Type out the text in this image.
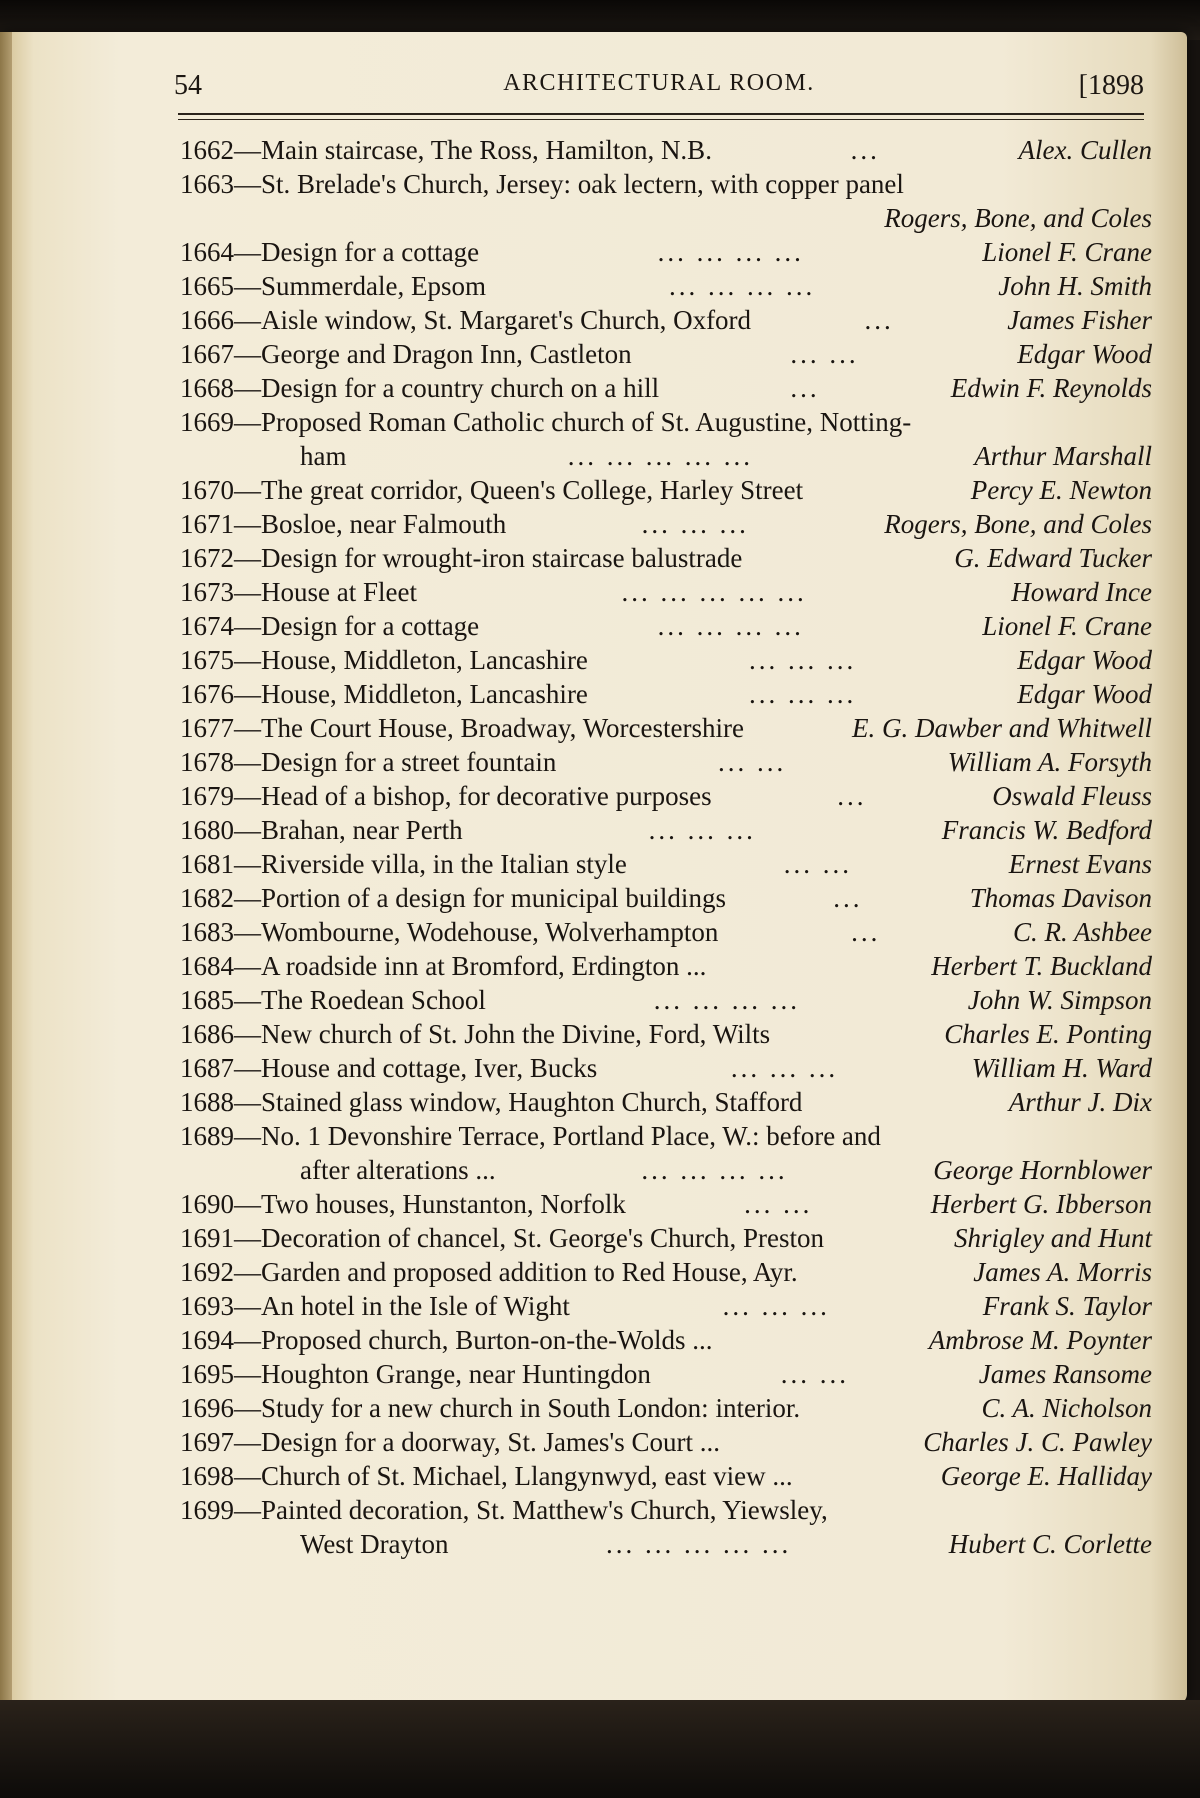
54	ARCHITECTURAL ROOM.	[1898
1662 — Main staircase, The Ross, Hamilton, N.B.	...	Alex. Cullen
1663 — St. Brelade's Church, Jersey: oak lectern, with copper panel
Rogers, Bone, and Coles
1664 — Design for a cottage	... ... ... ...	Lionel F. Crane
1665 — Summerdale, Epsom	... ... ... ...	John H. Smith
1666 — Aisle window, St. Margaret's Church, Oxford	...	James Fisher
1667 — George and Dragon Inn, Castleton	... ...	Edgar Wood
1668 — Design for a country church on a hill	...	Edwin F. Reynolds
1669 — Proposed Roman Catholic church of St. Augustine, Notting-
ham	... ... ... ... ...	Arthur Marshall
1670 — The great corridor, Queen's College, Harley Street	Percy E. Newton
1671 — Bosloe, near Falmouth	... ... ...	Rogers, Bone, and Coles
1672 — Design for wrought-iron staircase balustrade	G. Edward Tucker
1673 — House at Fleet	... ... ... ... ...	Howard Ince
1674 — Design for a cottage	... ... ... ...	Lionel F. Crane
1675 — House, Middleton, Lancashire	... ... ...	Edgar Wood
1676 — House, Middleton, Lancashire	... ... ...	Edgar Wood
1677 — The Court House, Broadway, Worcestershire	E. G. Dawber and Whitwell
1678 — Design for a street fountain	... ...	William A. Forsyth
1679 — Head of a bishop, for decorative purposes	...	Oswald Fleuss
1680 — Brahan, near Perth	... ... ...	Francis W. Bedford
1681 — Riverside villa, in the Italian style	... ...	Ernest Evans
1682 — Portion of a design for municipal buildings	...	Thomas Davison
1683 — Wombourne, Wodehouse, Wolverhampton	...	C. R. Ashbee
1684 — A roadside inn at Bromford, Erdington ...	Herbert T. Buckland
1685 — The Roedean School	... ... ... ...	John W. Simpson
1686 — New church of St. John the Divine, Ford, Wilts	Charles E. Ponting
1687 — House and cottage, Iver, Bucks	... ... ...	William H. Ward
1688 — Stained glass window, Haughton Church, Stafford	Arthur J. Dix
1689 — No. 1 Devonshire Terrace, Portland Place, W.: before and
after alterations ...	... ... ... ...	George Hornblower
1690 — Two houses, Hunstanton, Norfolk	... ...	Herbert G. Ibberson
1691 — Decoration of chancel, St. George's Church, Preston	Shrigley and Hunt
1692 — Garden and proposed addition to Red House, Ayr.	James A. Morris
1693 — An hotel in the Isle of Wight	... ... ...	Frank S. Taylor
1694 — Proposed church, Burton-on-the-Wolds ...	Ambrose M. Poynter
1695 — Houghton Grange, near Huntingdon	... ...	James Ransome
1696 — Study for a new church in South London: interior.	C. A. Nicholson
1697 — Design for a doorway, St. James's Court ...	Charles J. C. Pawley
1698 — Church of St. Michael, Llangynwyd, east view ...	George E. Halliday
1699 — Painted decoration, St. Matthew's Church, Yiewsley,
West Drayton	... ... ... ... ...	Hubert C. Corlette
